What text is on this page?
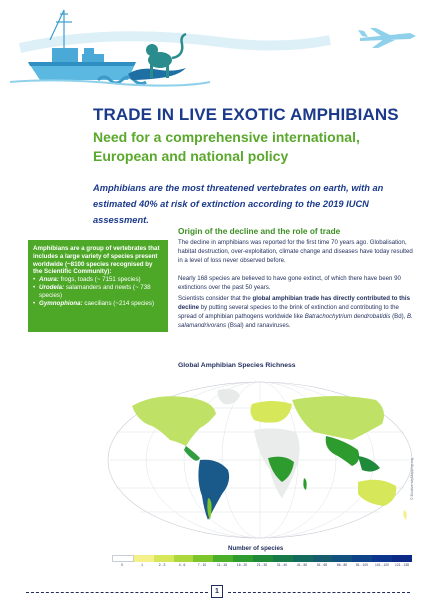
TRADE IN LIVE EXOTIC AMPHIBIANS
Need for a comprehensive international, European and national policy
Amphibians are the most threatened vertebrates on earth, with an estimated 40% at risk of extinction according to the 2019 IUCN assessment.
Amphibians are a group of vertebrates that includes a large variety of species present worldwide (~8100 species recognised by the Scientific Community):
• Anura: frogs, toads (~ 7151 species)
• Urodela: salamanders and newts (~ 738 species)
• Gymnophiona: caecilians (~214 species)
Origin of the decline and the role of trade
The decline in amphibians was reported for the first time 70 years ago. Globalisation, habitat destruction, over-exploitation, climate change and diseases have today resulted in a level of loss never observed before.
Nearly 168 species are believed to have gone extinct, of which there have been 90 extinctions over the past 50 years.
Scientists consider that the global amphibian trade has directly contributed to this decline by putting several species to the brink of extinction and contributing to the spread of amphibian pathogens worldwide like Batrachochytrium dendrobatidis (Bd), B. salamandrivorans (Bsal) and ranaviruses.
Global Amphibian Species Richness
© BiodiversityMapping.org
Number of species
0	1	2 - 3	4 - 6	7 - 10	11 - 15	16 - 20	21 - 30	31 - 40	41 - 50	51 - 65	66 - 80	81 - 100	101 - 120	121 - 138
1
